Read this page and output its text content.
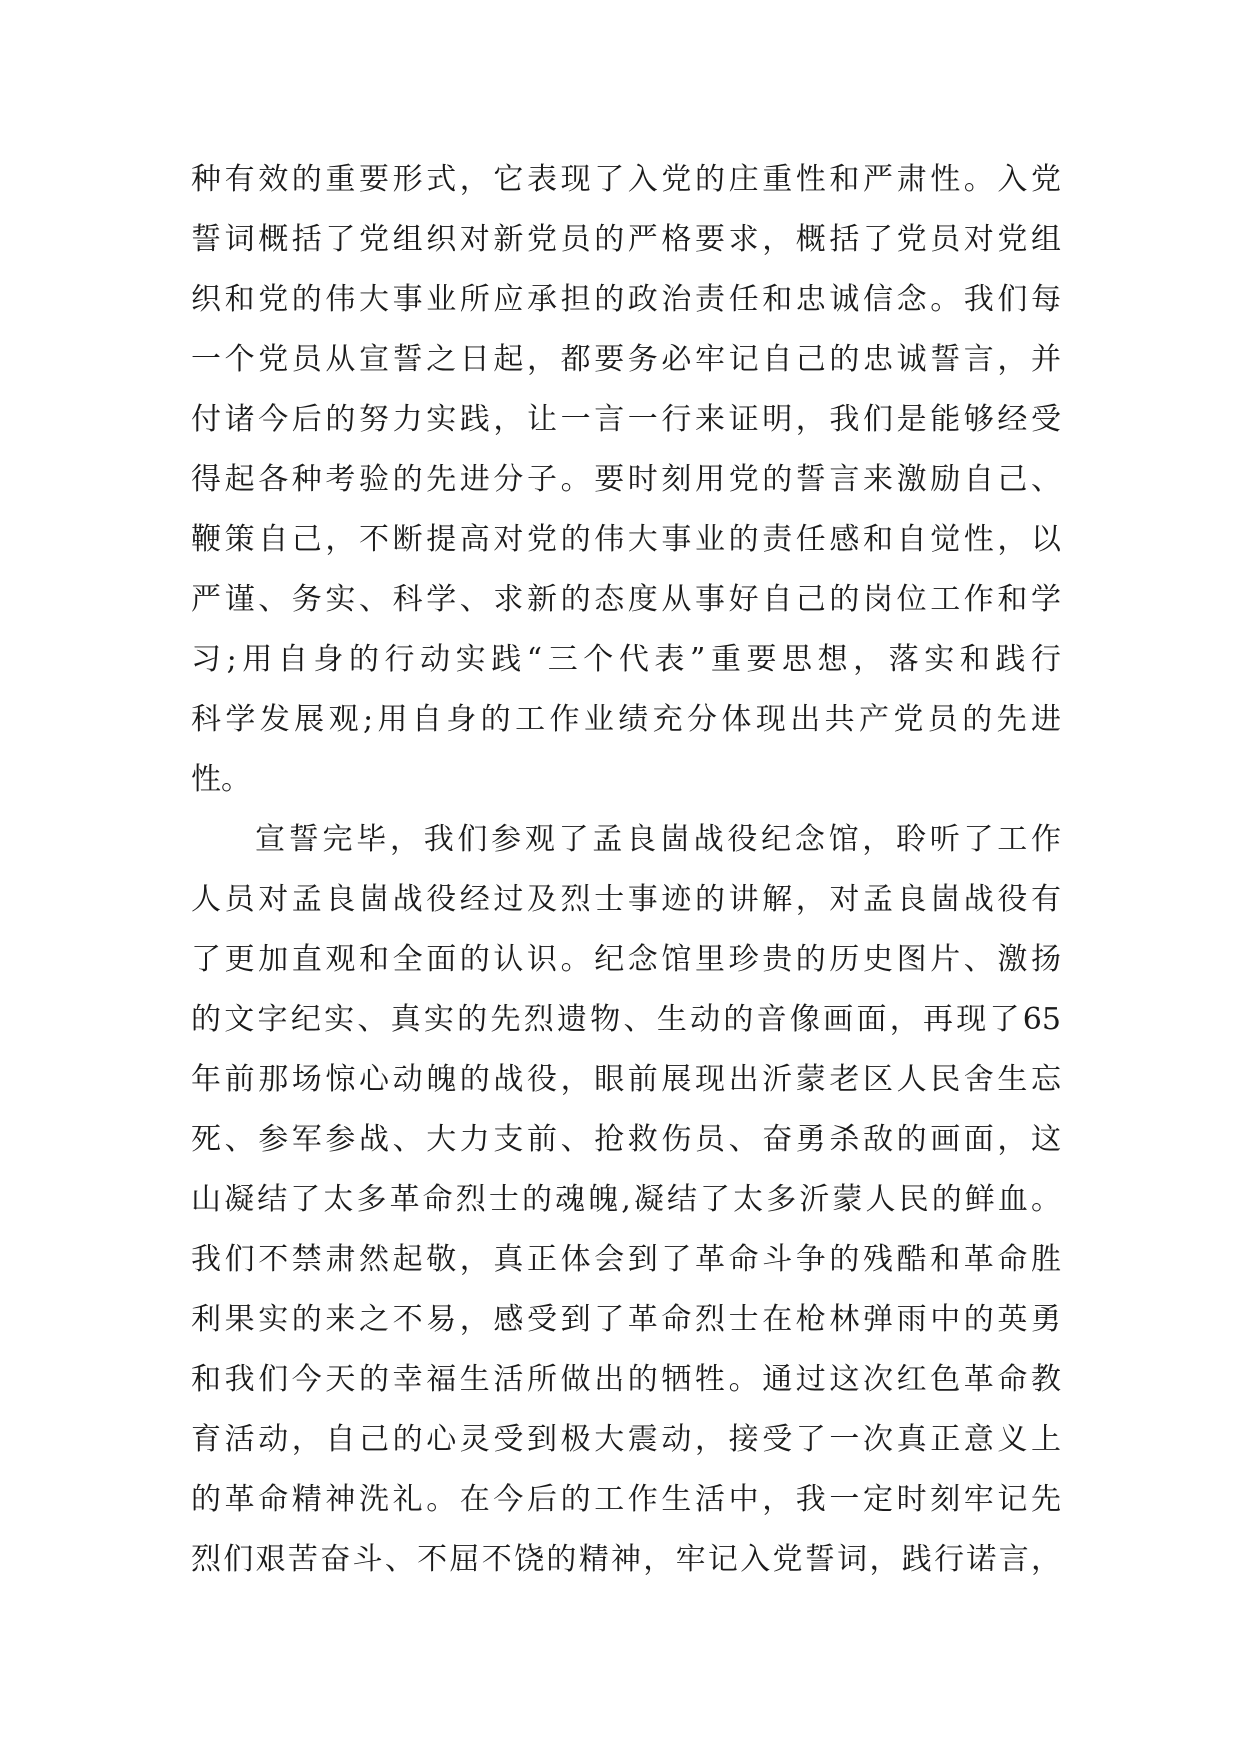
种有效的重要形式，它表现了入党的庄重性和严肃性。入党
誓词概括了党组织对新党员的严格要求，概括了党员对党组
织和党的伟大事业所应承担的政治责任和忠诚信念。我们每
一个党员从宣誓之日起，都要务必牢记自己的忠诚誓言，并
付诸今后的努力实践，让一言一行来证明，我们是能够经受
得起各种考验的先进分子。要时刻用党的誓言来激励自己、
鞭策自己，不断提高对党的伟大事业的责任感和自觉性，以
严谨、务实、科学、求新的态度从事好自己的岗位工作和学
习;用自身的行动实践“三个代表”重要思想，落实和践行
科学发展观;用自身的工作业绩充分体现出共产党员的先进
性。
宣誓完毕，我们参观了孟良崮战役纪念馆，聆听了工作
人员对孟良崮战役经过及烈士事迹的讲解，对孟良崮战役有
了更加直观和全面的认识。纪念馆里珍贵的历史图片、激扬
的文字纪实、真实的先烈遗物、生动的音像画面，再现了65
年前那场惊心动魄的战役，眼前展现出沂蒙老区人民舍生忘
死、参军参战、大力支前、抢救伤员、奋勇杀敌的画面，这
山凝结了太多革命烈士的魂魄,凝结了太多沂蒙人民的鲜血。
我们不禁肃然起敬，真正体会到了革命斗争的残酷和革命胜
利果实的来之不易，感受到了革命烈士在枪林弹雨中的英勇
和我们今天的幸福生活所做出的牺牲。通过这次红色革命教
育活动，自己的心灵受到极大震动，接受了一次真正意义上
的革命精神洗礼。在今后的工作生活中，我一定时刻牢记先
烈们艰苦奋斗、不屈不饶的精神，牢记入党誓词，践行诺言，
